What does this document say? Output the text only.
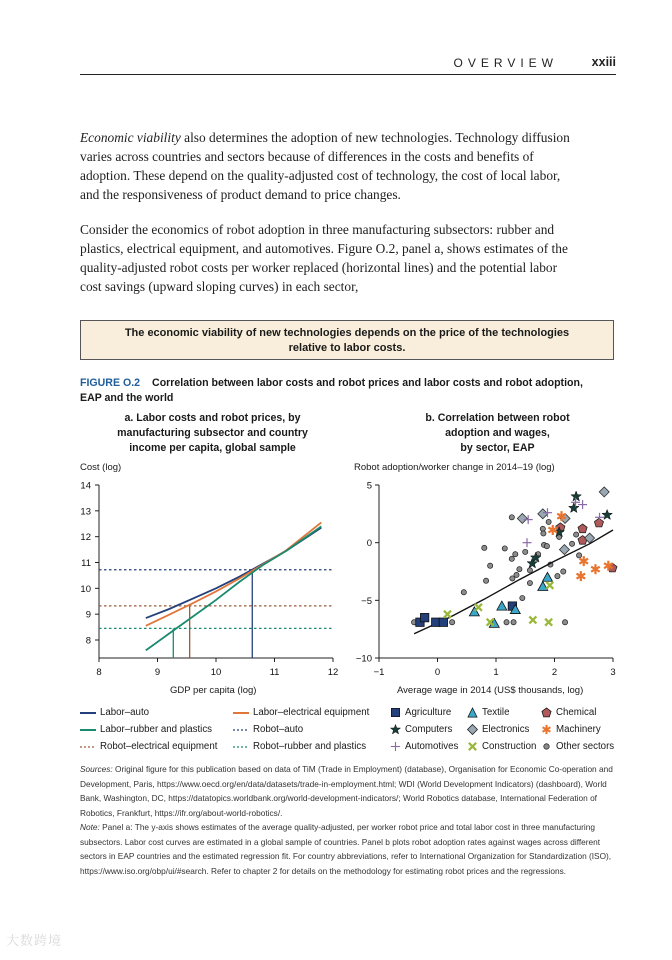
OVERVIEW	xxiii
Economic viability also determines the adoption of new technologies. Technology diffusion varies across countries and sectors because of differences in the costs and benefits of adoption. These depend on the quality-adjusted cost of technology, the cost of local labor, and the responsiveness of product demand to price changes.
Consider the economics of robot adoption in three manufacturing subsectors: rubber and plastics, electrical equipment, and automotives. Figure O.2, panel a, shows estimates of the quality-adjusted robot costs per worker replaced (horizontal lines) and the potential labor cost savings (upward sloping curves) in each sector,
The economic viability of new technologies depends on the price of the technologies
relative to labor costs.
FIGURE O.2 Correlation between labor costs and robot prices and labor costs and robot adoption, EAP and the world
a. Labor costs and robot prices, by
manufacturing subsector and country
income per capita, global sample
b. Correlation between robot
adoption and wages,
by sector, EAP
Cost (log)	Robot adoption/worker change in 2014–19 (log)
GDP per capita (log)	Average wage in 2014 (US$ thousands, log)
8
9
10
11
12
13
14
8	9	10	11	12
−10
−5
0
5
−1	0	1	2	3
Labor–auto	Labor–electrical equipment
Labor–rubber and plastics	Robot–auto
Robot–electrical equipment	Robot–rubber and plastics
Agriculture	Textile	Chemical
Computers	Electronics	Machinery
Automotives Construction Other sectors
Sources: Original figure for this publication based on data of TiM (Trade in Employment) (database), Organisation for Economic Co-operation and Development, Paris, https://www.oecd.org/en/data/datasets/trade-in-employment.html; WDI (World Development Indicators) (dashboard), World Bank, Washington, DC, https://datatopics.worldbank.org/world-development-indicators/; World Robotics database, International Federation of Robotics, Frankfurt, https://ifr.org/about-world-robotics/.
Note: Panel a: The y-axis shows estimates of the average quality-adjusted, per worker robot price and total labor cost in three manufacturing subsectors. Labor cost curves are estimated in a global sample of countries. Panel b plots robot adoption rates against wages across different sectors in EAP countries and the estimated regression fit. For country abbreviations, refer to International Organization for Standardization (ISO), https://www.iso.org/obp/ui/#search. Refer to chapter 2 for details on the methodology for estimating robot prices and the regressions.
大数跨境
